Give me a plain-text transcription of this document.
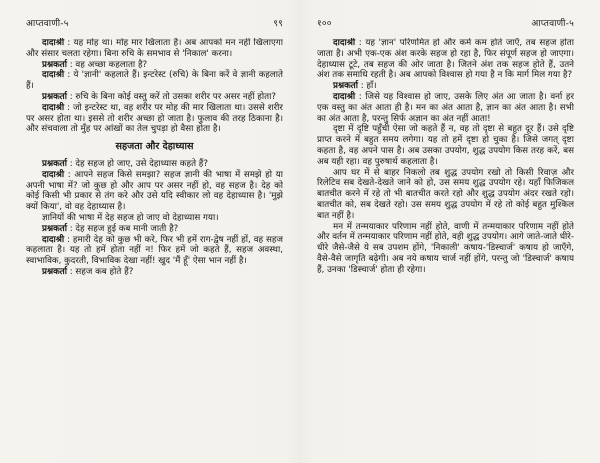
आप्तवाणी-५	९९

दादाश्री : यह मोह था। मोह मार खिलाता है। अब आपको मन नहीं खिलाएगा और संसार चलता रहेगा। बिना रुचि के समभाव से 'निकाल' करना।

प्रश्नकर्ता : वह अच्छा कहलाता है?

दादाश्री : ये 'ज्ञानी' कहलाते हैं। इन्टरेस्ट (रुचि) के बिना करें वे ज्ञानी कहलाते हैं।

प्रश्नकर्ता : रुचि के बिना कोई वस्तु करें तो उसका शरीर पर असर नहीं होता?

दादाश्री : जो इन्टरेस्ट था, वह शरीर पर मोह की मार खिलाता था। उससे शरीर पर असर होता था। इससे तो शरीर अच्छा हो जाता है। फुलाव की तरह ठिकाना है। और संचवाला तो मुँह पर आंखों का तेल चुपड़ा हो वैसा होता है।

सहजता और देहाध्यास

प्रश्नकर्ता : देह सहज हो जाए, उसे देहाध्यास कहते हैं?

दादाश्री : आपने सहज किसे समझा? सहज ज्ञानी की भाषा में समझे हो या अपनी भाषा में? जो कुछ हो और आप पर असर नहीं हो, वह सहज है। देह को कोई किसी भी प्रकार से तंग करे और उसे यदि स्वीकार लो वह देहाध्यास है। 'मुझे क्यों किया', वो वह देहाध्यास है।

ज्ञानियों की भाषा में देह सहज हो जाए वो देहाध्यास गया।

प्रश्नकर्ता : देह सहज हुई कब मानी जाती है?

दादाश्री : हमारी देह को कुछ भी करे, फिर भी हमें राग-द्वेष नहीं हों, वह सहज कहलाता है। यह तो हमें होता नहीं न! फिर हमें जो कहते हैं, सहज अवस्था, स्वाभाविक, कुदरती, विभाविक देखा नहीं! खुद 'मैं हूँ' ऐसा भान नहीं है।

प्रश्नकर्ता : सहज कब होते हैं?

१००	आप्तवाणी-५

दादाश्री : यह 'ज्ञान' परिणमित हो और कर्म कम होते जाएँ, तब सहज होता जाता है। अभी एक-एक अंश करके सहज हो रहा है, फिर संपूर्ण सहज हो जाएगा। देहाध्यास टूटे, तब सहज की ओर जाता है। जितने अंश तक सहज होते हैं, उतने अंश तक समाधि रहती है। अब आपको विश्वास हो गया है न कि मार्ग मिल गया है?

प्रश्नकर्ता : हाँ।

दादाश्री : जिसे यह विश्वास हो जाए, उसके लिए अंत आ जाता है। वर्ना हर एक वस्तु का अंत आता ही है। मन का अंत आता है, ज्ञान का अंत आता है। सभी का अंत आता है, परन्तु सिर्फ अज्ञान का अंत नहीं आता!

दृष्टा में दृष्टि पहुँची ऐसा जो कहते हैं न, वह तो दृष्टा से बहुत दूर हैं। उसे दृष्टि प्राप्त करने में बहुत समय लगेगा। यह तो हमें दृष्टा हो चुका है। जिसे जगत् दृष्टा कहता है, वह अपने पास है। अब उसका उपयोग, शुद्ध उपयोग किस तरह करें, बस अब यही रहा। वह पुरुषार्थ कहलाता है।

आप घर में से बाहर निकलो तब शुद्ध उपयोग रखो तो किसी रिवाज़ और रिलेटिव सब देखते-देखते जाने को हो, उस समय शुद्ध उपयोग रहे। यहाँ फिजिकल बातचीत करने में रहे तो भी बातचीत करते रहो और शुद्ध उपयोग अंदर रखते रहो। बातचीत को, सब देखते रहो। उस समय शुद्ध उपयोग में रहे तो कोई बहुत मुश्किल बात नहीं है।

मन में तन्मयाकार परिणाम नहीं होते, वाणी में तन्मयाकार परिणाम नहीं होते और वर्तन में तन्मयाकार परिणाम नहीं होते, वही शुद्ध उपयोग। आगे जाते-जाते धीरे-धीरे जैसे-जैसे ये सब उपशम होंगे, 'निकाली' कषाय-'डिस्चार्ज' कषाय हो जाएँगे, वैसे-वैसे जागृति बढ़ेगी। अब नये कषाय चार्ज नहीं होंगे, परन्तु जो 'डिस्चार्ज' कषाय हैं, उनका 'डिस्चार्ज' होता ही रहेगा।
